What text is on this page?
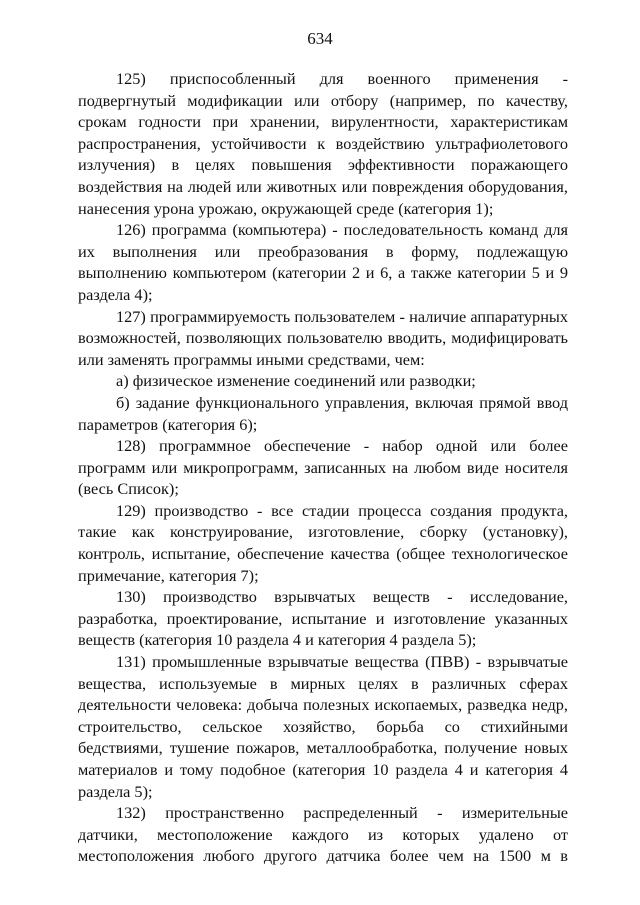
634

125) приспособленный для военного применения - подвергнутый модификации или отбору (например, по качеству, срокам годности при хранении, вирулентности, характеристикам распространения, устойчивости к воздействию ультрафиолетового излучения) в целях повышения эффективности поражающего воздействия на людей или животных или повреждения оборудования, нанесения урона урожаю, окружающей среде (категория 1);

126) программа (компьютера) - последовательность команд для их выполнения или преобразования в форму, подлежащую выполнению компьютером (категории 2 и 6, а также категории 5 и 9 раздела 4);

127) программируемость пользователем - наличие аппаратурных возможностей, позволяющих пользователю вводить, модифицировать или заменять программы иными средствами, чем:

а) физическое изменение соединений или разводки;

б) задание функционального управления, включая прямой ввод параметров (категория 6);

128) программное обеспечение - набор одной или более программ или микропрограмм, записанных на любом виде носителя (весь Список);

129) производство - все стадии процесса создания продукта, такие как конструирование, изготовление, сборку (установку), контроль, испытание, обеспечение качества (общее технологическое примечание, категория 7);

130) производство взрывчатых веществ - исследование, разработка, проектирование, испытание и изготовление указанных веществ (категория 10 раздела 4 и категория 4 раздела 5);

131) промышленные взрывчатые вещества (ПВВ) - взрывчатые вещества, используемые в мирных целях в различных сферах деятельности человека: добыча полезных ископаемых, разведка недр, строительство, сельское хозяйство, борьба со стихийными бедствиями, тушение пожаров, металлообработка, получение новых материалов и тому подобное (категория 10 раздела 4 и категория 4 раздела 5);

132) пространственно распределенный - измерительные датчики, местоположение каждого из которых удалено от местоположения любого другого датчика более чем на 1500 м в
